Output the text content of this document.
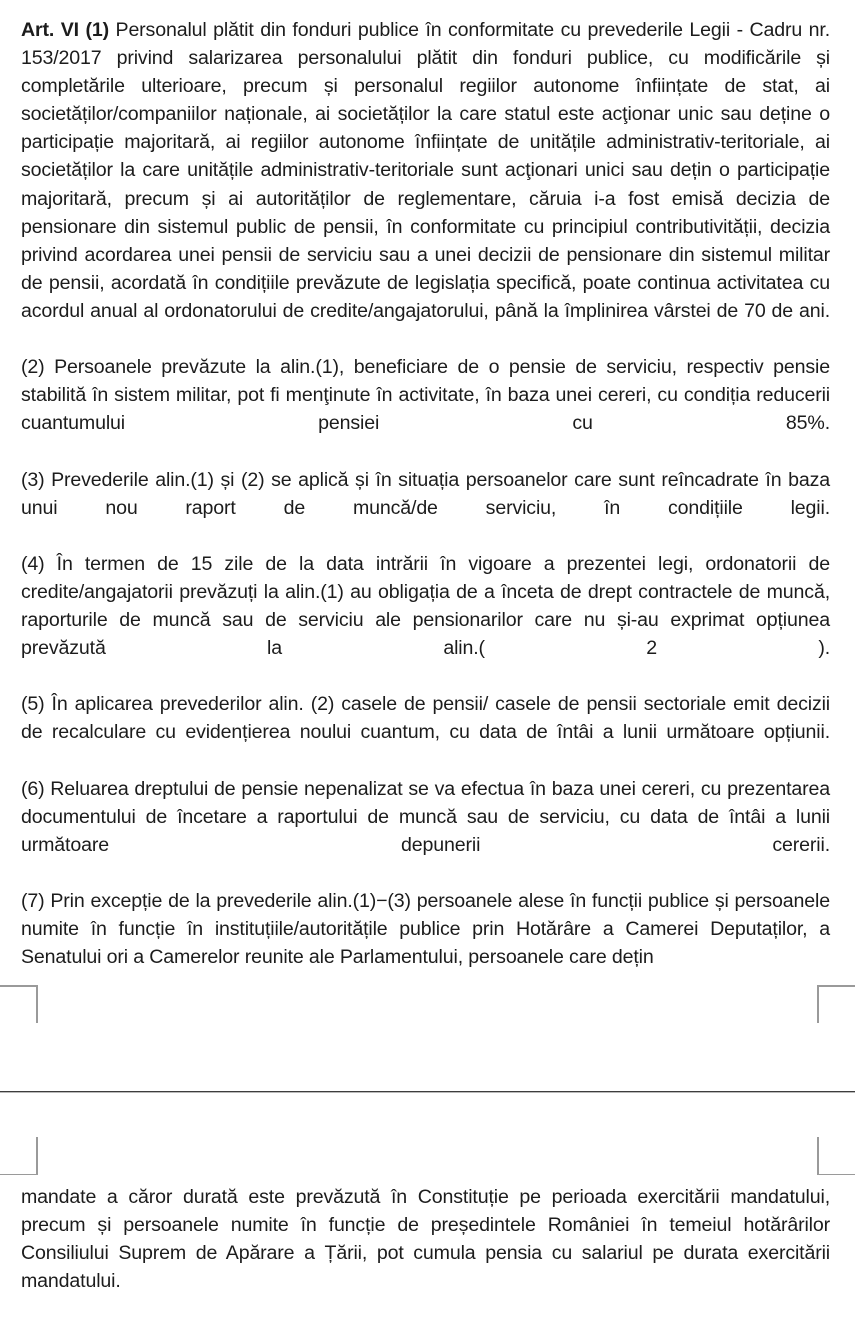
Art. VI (1) Personalul plătit din fonduri publice în conformitate cu prevederile Legii - Cadru nr. 153/2017 privind salarizarea personalului plătit din fonduri publice, cu modificările și completările ulterioare, precum și personalul regiilor autonome înființate de stat, ai societăților/companiilor naționale, ai societăților la care statul este acţionar unic sau deține o participație majoritară, ai regiilor autonome înființate de unitățile administrativ-teritoriale, ai societăților la care unitățile administrativ-teritoriale sunt acţionari unici sau dețin o participație majoritară, precum și ai autorităților de reglementare, căruia i-a fost emisă decizia de pensionare din sistemul public de pensii, în conformitate cu principiul contributivității, decizia privind acordarea unei pensii de serviciu sau a unei decizii de pensionare din sistemul militar de pensii, acordată în condițiile prevăzute de legislația specifică, poate continua activitatea cu acordul anual al ordonatorului de credite/angajatorului, până la împlinirea vârstei de 70 de ani.

(2) Persoanele prevăzute la alin.(1), beneficiare de o pensie de serviciu, respectiv pensie stabilită în sistem militar, pot fi menţinute în activitate, în baza unei cereri, cu condiția reducerii cuantumului pensiei cu 85%.

(3) Prevederile alin.(1) și (2) se aplică și în situația persoanelor care sunt reîncadrate în baza unui nou raport de muncă/de serviciu, în condițiile legii.

(4) În termen de 15 zile de la data intrării în vigoare a prezentei legi, ordonatorii de credite/angajatorii prevăzuți la alin.(1) au obligația de a înceta de drept contractele de muncă, raporturile de muncă sau de serviciu ale pensionarilor care nu și-au exprimat opțiunea prevăzută la alin.( 2 ).

(5) În aplicarea prevederilor alin. (2) casele de pensii/ casele de pensii sectoriale emit decizii de recalculare cu evidențierea noului cuantum, cu data de întâi a lunii următoare opțiunii.

(6) Reluarea dreptului de pensie nepenalizat se va efectua în baza unei cereri, cu prezentarea documentului de încetare a raportului de muncă sau de serviciu, cu data de întâi a lunii următoare depunerii cererii.

(7) Prin excepție de la prevederile alin.(1)−(3) persoanele alese în funcții publice și persoanele numite în funcție în instituțiile/autoritățile publice prin Hotărâre a Camerei Deputaților, a Senatului ori a Camerelor reunite ale Parlamentului, persoanele care dețin

mandate a căror durată este prevăzută în Constituție pe perioada exercitării mandatului, precum și persoanele numite în funcție de președintele României în temeiul hotărârilor Consiliului Suprem de Apărare a Țării, pot cumula pensia cu salariul pe durata exercitării mandatului.
